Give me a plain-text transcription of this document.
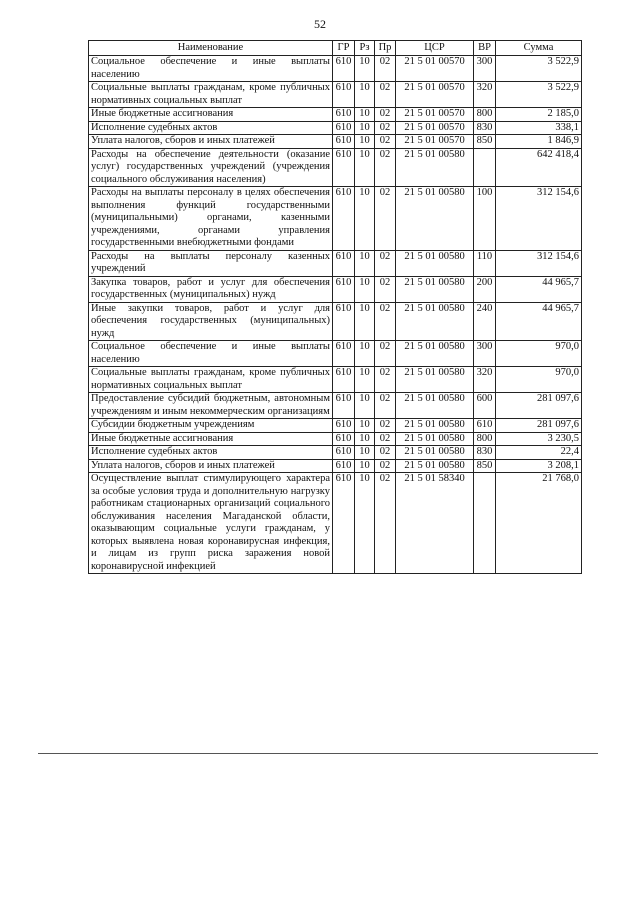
52
Наименование	ГР	Рз	Пр	ЦСР	ВР	Сумма
Социальное обеспечение и иные выплаты населению	610	10	02	21 5 01 00570	300	3 522,9
Социальные выплаты гражданам, кроме публичных нормативных социальных выплат	610	10	02	21 5 01 00570	320	3 522,9
Иные бюджетные ассигнования	610	10	02	21 5 01 00570	800	2 185,0
Исполнение судебных актов	610	10	02	21 5 01 00570	830	338,1
Уплата налогов, сборов и иных платежей	610	10	02	21 5 01 00570	850	1 846,9
Расходы на обеспечение деятельности (оказание услуг) государственных учреждений (учреждения социального обслуживания населения)	610	10	02	21 5 01 00580		642 418,4
Расходы на выплаты персоналу в целях обеспечения выполнения функций государственными (муниципальными) органами, казенными учреждениями, органами управления государственными внебюджетными фондами	610	10	02	21 5 01 00580	100	312 154,6
Расходы на выплаты персоналу казенных учреждений	610	10	02	21 5 01 00580	110	312 154,6
Закупка товаров, работ и услуг для обеспечения государственных (муниципальных) нужд	610	10	02	21 5 01 00580	200	44 965,7
Иные закупки товаров, работ и услуг для обеспечения государственных (муниципальных) нужд	610	10	02	21 5 01 00580	240	44 965,7
Социальное обеспечение и иные выплаты населению	610	10	02	21 5 01 00580	300	970,0
Социальные выплаты гражданам, кроме публичных нормативных социальных выплат	610	10	02	21 5 01 00580	320	970,0
Предоставление субсидий бюджетным, автономным учреждениям и иным некоммерческим организациям	610	10	02	21 5 01 00580	600	281 097,6
Субсидии бюджетным учреждениям	610	10	02	21 5 01 00580	610	281 097,6
Иные бюджетные ассигнования	610	10	02	21 5 01 00580	800	3 230,5
Исполнение судебных актов	610	10	02	21 5 01 00580	830	22,4
Уплата налогов, сборов и иных платежей	610	10	02	21 5 01 00580	850	3 208,1
Осуществление выплат стимулирующего характера за особые условия труда и дополнительную нагрузку работникам стационарных организаций социального обслуживания населения Магаданской области, оказывающим социальные услуги гражданам, у которых выявлена новая коронавирусная инфекция, и лицам из групп риска заражения новой коронавирусной инфекцией	610	10	02	21 5 01 58340		21 768,0
